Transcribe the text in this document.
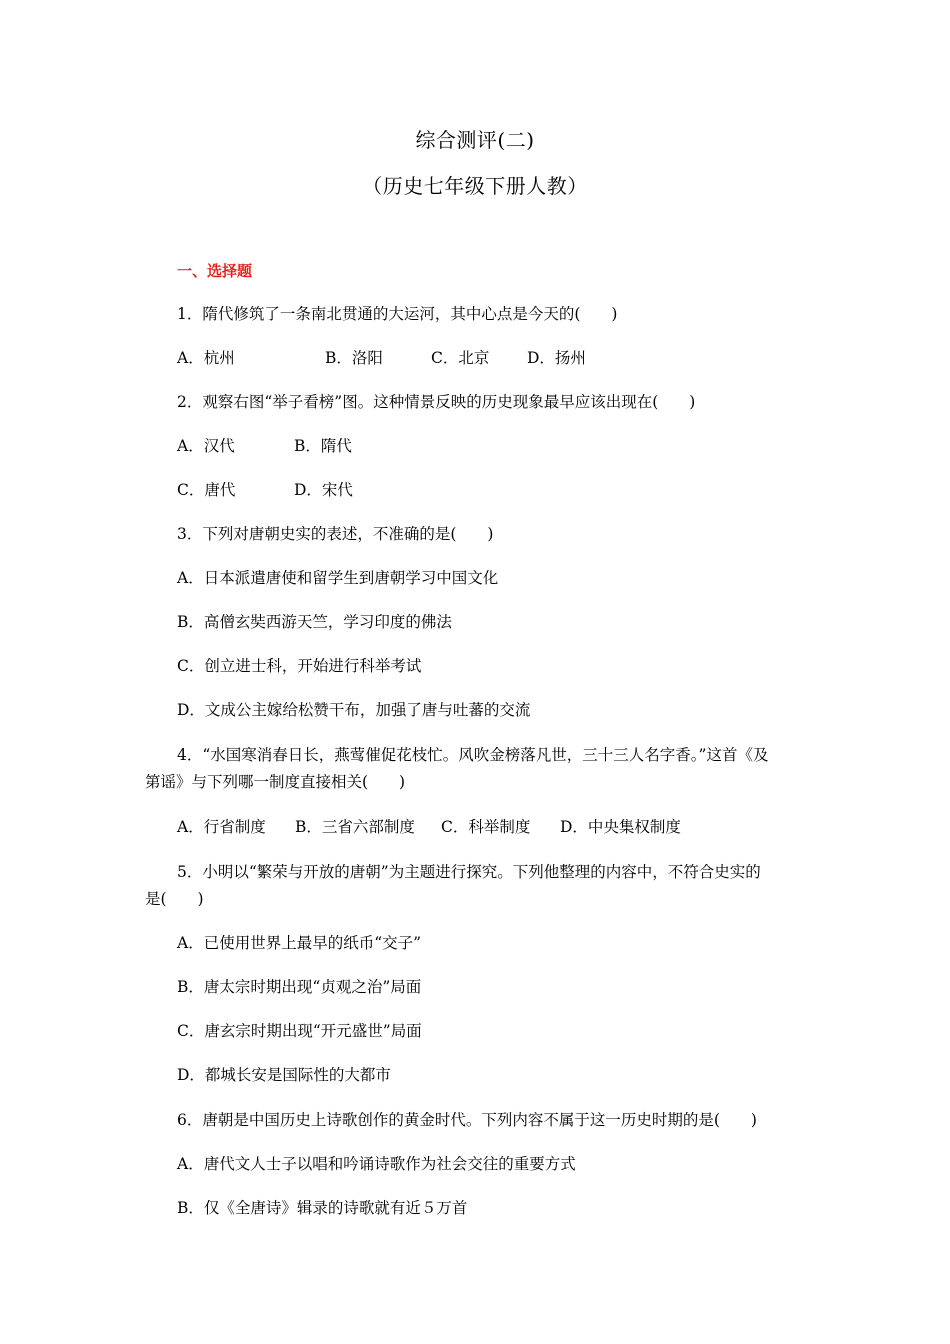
综合测评(二)
（历史七年级下册人教）
一、选择题
1．隋代修筑了一条南北贯通的大运河，其中心点是今天的(　　)
A．杭州	B．洛阳	C．北京 D．扬州
2．观察右图“举子看榜”图。这种情景反映的历史现象最早应该出现在(　　)
A．汉代	B．隋代
C．唐代	D．宋代
3．下列对唐朝史实的表述，不准确的是(　　)
A．日本派遣唐使和留学生到唐朝学习中国文化
B．高僧玄奘西游天竺，学习印度的佛法
C．创立进士科，开始进行科举考试
D．文成公主嫁给松赞干布，加强了唐与吐蕃的交流
4．“水国寒消春日长，燕莺催促花枝忙。风吹金榜落凡世，三十三人名字香。”这首《及
第谣》与下列哪一制度直接相关(　　)
A．行省制度 B．三省六部制度 C．科举制度 D．中央集权制度
5．小明以“繁荣与开放的唐朝”为主题进行探究。下列他整理的内容中，不符合史实的
是(　　)
A．已使用世界上最早的纸币“交子”
B．唐太宗时期出现“贞观之治”局面
C．唐玄宗时期出现“开元盛世”局面
D．都城长安是国际性的大都市
6．唐朝是中国历史上诗歌创作的黄金时代。下列内容不属于这一历史时期的是(　　)
A．唐代文人士子以唱和吟诵诗歌作为社会交往的重要方式
B．仅《全唐诗》辑录的诗歌就有近５万首
